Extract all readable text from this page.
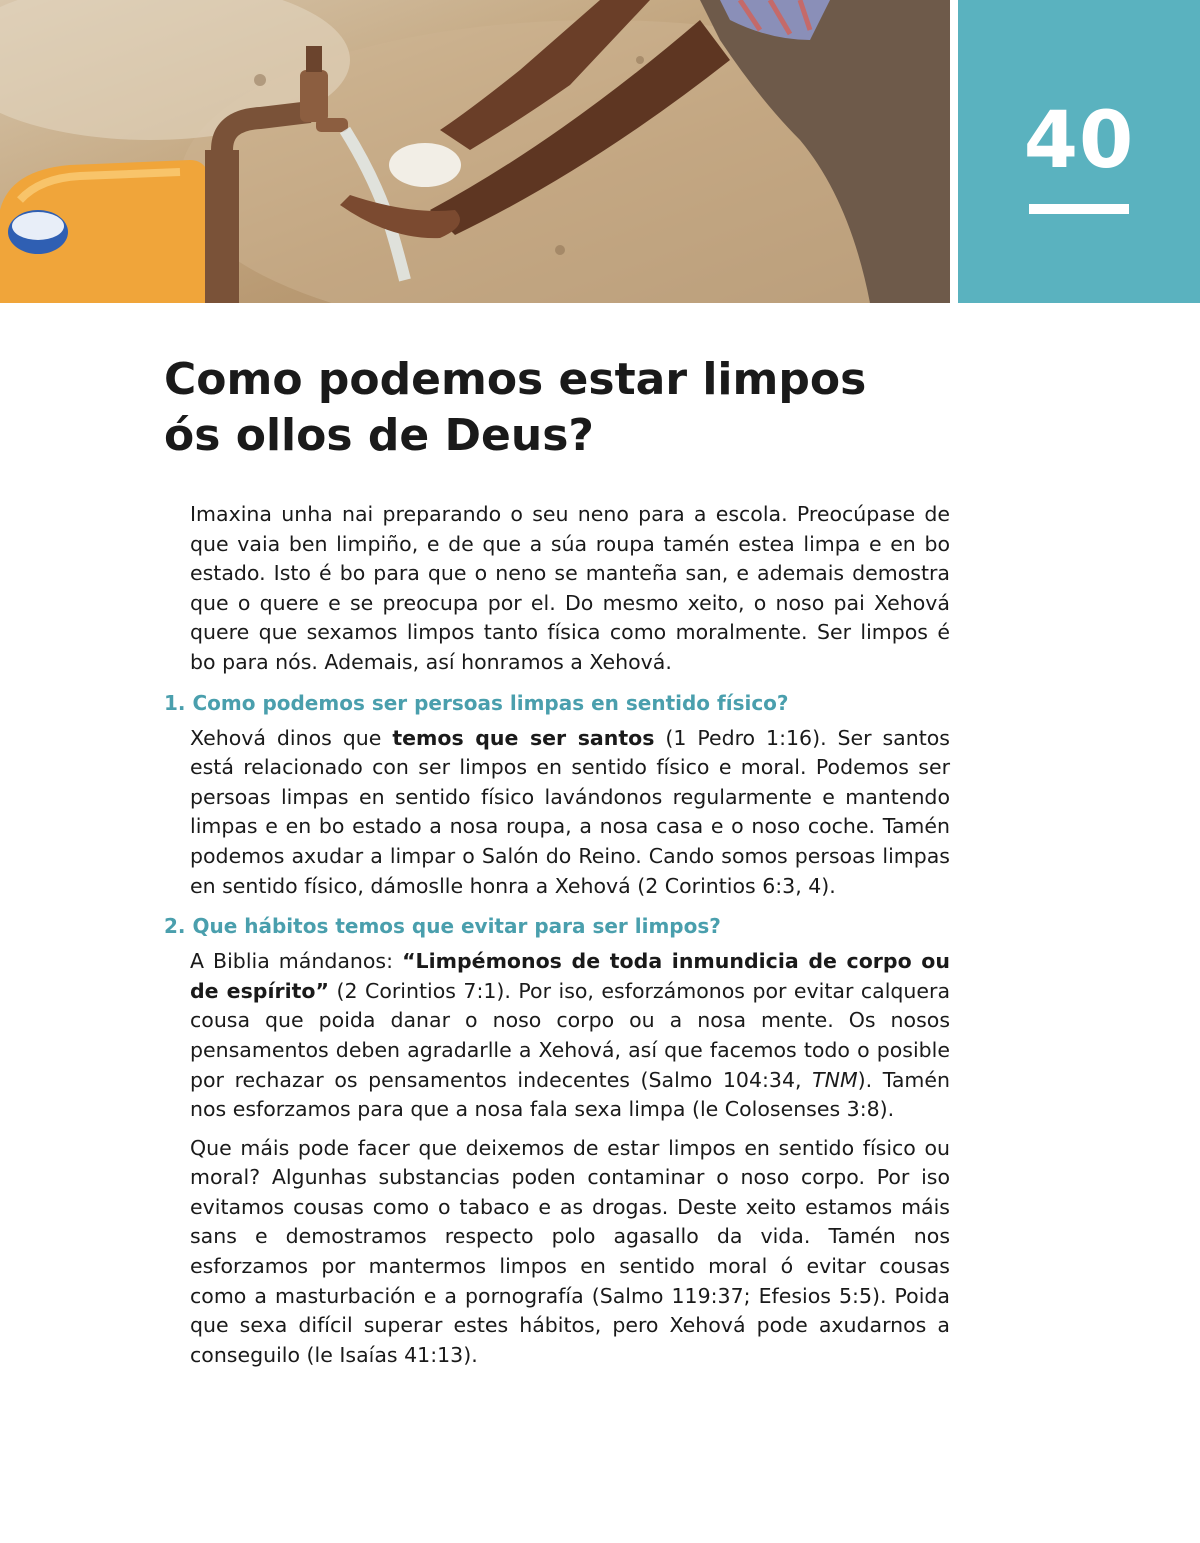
40
Como podemos estar limpos
ós ollos de Deus?

Imaxina unha nai preparando o seu neno para a escola. Preocúpase de que vaia ben limpiño, e de que a súa roupa tamén estea limpa e en bo estado. Isto é bo para que o neno se manteña san, e ademais demostra que o quere e se preocupa por el. Do mesmo xeito, o noso pai Xehová quere que sexamos limpos tanto física como moralmente. Ser limpos é bo para nós. Ademais, así honramos a Xehová.

1. Como podemos ser persoas limpas en sentido físico?

Xehová dinos que temos que ser santos (1 Pedro 1:16). Ser santos está relacionado con ser limpos en sentido físico e moral. Podemos ser persoas limpas en sentido físico lavándonos regularmente e mantendo limpas e en bo estado a nosa roupa, a nosa casa e o noso coche. Tamén podemos axudar a limpar o Salón do Reino. Cando somos persoas limpas en sentido físico, dámoslle honra a Xehová (2 Corintios 6:3, 4).

2. Que hábitos temos que evitar para ser limpos?

A Biblia mándanos: “Limpémonos de toda inmundicia de corpo ou de espírito” (2 Corintios 7:1). Por iso, esforzámonos por evitar calquera cousa que poida danar o noso corpo ou a nosa mente. Os nosos pensamentos deben agradarlle a Xehová, así que facemos todo o posible por rechazar os pensamentos indecentes (Salmo 104:34, TNM). Tamén nos esforzamos para que a nosa fala sexa limpa (le Colosenses 3:8).

Que máis pode facer que deixemos de estar limpos en sentido físico ou moral? Algunhas substancias poden contaminar o noso corpo. Por iso evitamos cousas como o tabaco e as drogas. Deste xeito estamos máis sans e demostramos respecto polo agasallo da vida. Tamén nos esforzamos por mantermos limpos en sentido moral ó evitar cousas como a masturbación e a pornografía (Salmo 119:37; Efesios 5:5). Poida que sexa difícil superar estes hábitos, pero Xehová pode axudarnos a conseguilo (le Isaías 41:13).
